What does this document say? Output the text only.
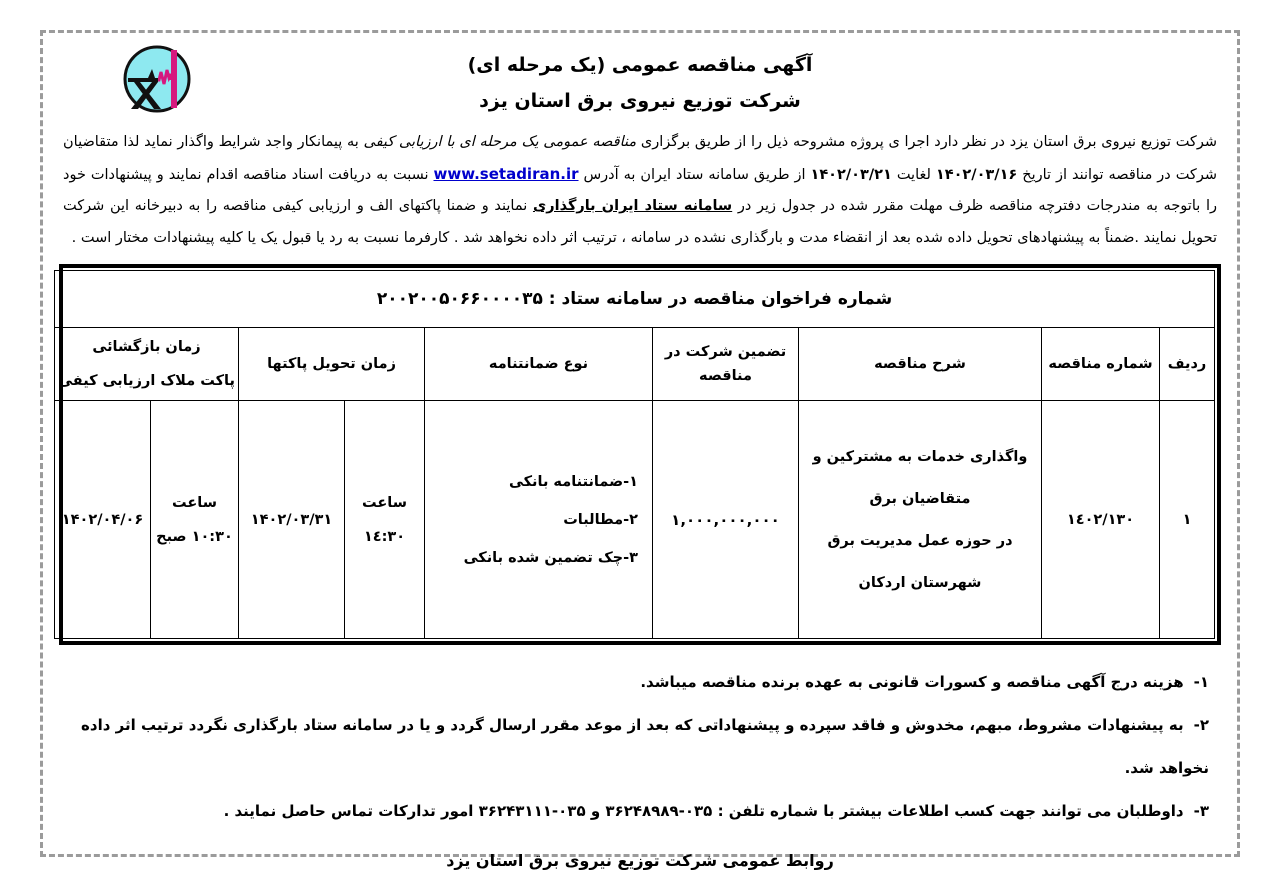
آگهی مناقصه عمومی (یک مرحله ای)
شرکت توزیع نیروی برق استان یزد

شرکت توزیع نیروی برق استان یزد در نظر دارد اجرا ی پروژه مشروحه ذیل را از طریق برگزاری مناقصه عمومی یک مرحله ای با ارزیابی کیفی به پیمانکار واجد شرایط واگذار نماید لذا متقاضیان شرکت در مناقصه توانند از تاریخ ۱۴۰۲/۰۳/۱۶ لغایت ۱۴۰۲/۰۳/۲۱ از طریق سامانه ستاد ایران به آدرس www.setadiran.ir نسبت به دریافت اسناد مناقصه اقدام نمایند و پیشنهادات خود را باتوجه به مندرجات دفترچه مناقصه ظرف مهلت مقرر شده در جدول زیر در سامانه ستاد ایران بارگذاری نمایند و ضمنا پاکتهای الف و ارزیابی کیفی مناقصه را به دبیرخانه این شرکت تحویل نمایند .ضمناً به پیشنهادهای تحویل داده شده بعد از انقضاء مدت و بارگذاری نشده در سامانه ، ترتیب اثر داده نخواهد شد . کارفرما نسبت به رد یا قبول یک یا کلیه پیشنهادات مختار است .

شماره فراخوان مناقصه در سامانه ستاد : ۲۰۰۲۰۰۵۰۶۶۰۰۰۰۳۵								
ردیف	شماره مناقصه	شرح مناقصه	تضمین شرکت در مناقصه	نوع ضمانتنامه	زمان تحویل پاکتها		زمان بازگشائی
پاکت ملاک ارزیابی کیفی	

۱	١٤٠٢/١٣٠	واگذاری خدمات به مشترکین و
متقاضیان برق
در حوزه عمل مدیریت برق
شهرستان اردکان	۱,۰۰۰,۰۰۰,۰۰۰	۱-ضمانتنامه بانکی
۲-مطالبات
۳-چک تضمین شده بانکی	ساعت
١٤:٣٠	۱۴۰۲/۰۳/۳۱	ساعت
۱۰:۳۰ صبح	۱۴۰۲/۰۴/۰۶
۱-هزینه درج آگهی مناقصه و کسورات قانونی به عهده برنده مناقصه میباشد.
۲-به پیشنهادات مشروط، مبهم، مخدوش و فاقد سپرده و پیشنهاداتی که بعد از موعد مقرر ارسال گردد و یا در سامانه ستاد بارگذاری نگردد ترتیب اثر داده نخواهد شد.
۳-داوطلبان می توانند جهت کسب اطلاعات بیشتر با شماره تلفن : ۰۳۵-۳۶۲۴۸۹۸۹ و ۰۳۵-۳۶۲۴۳۱۱۱ امور تدارکات تماس حاصل نمایند .
روابط عمومی شرکت توزیع نیروی برق استان یزد
